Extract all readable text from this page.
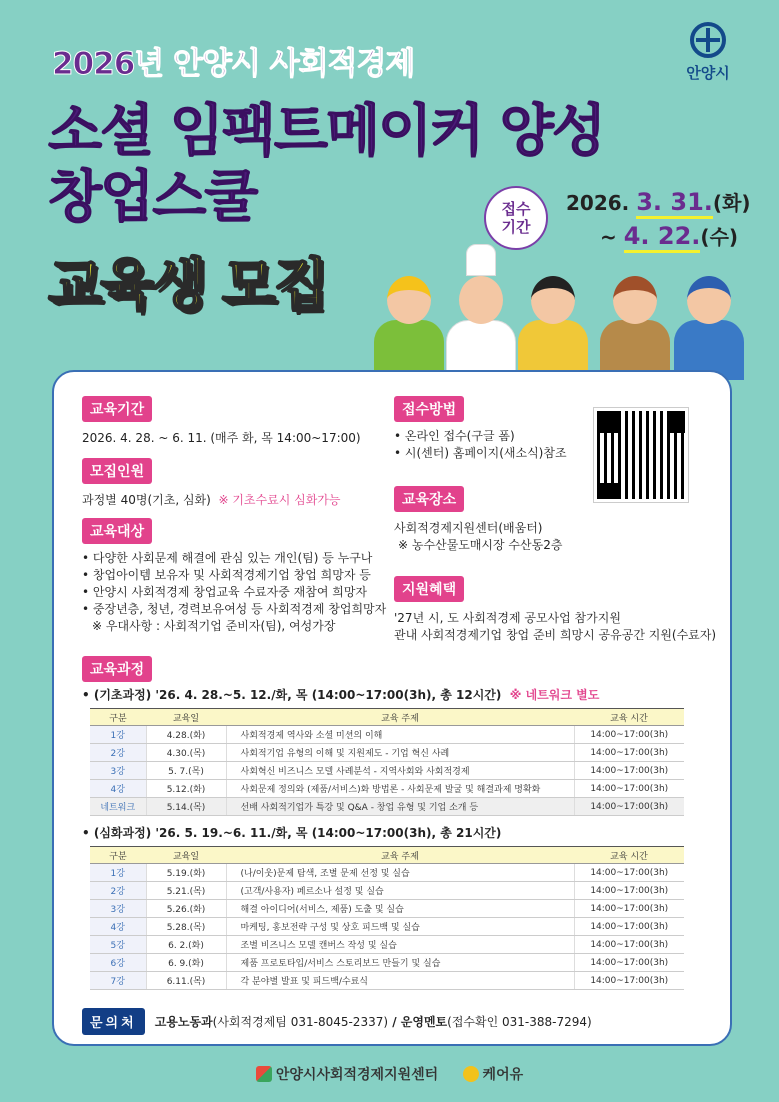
2026년 안양시 사회적경제
소셜 임팩트메이커 양성
창업스쿨
교육생 모집
안양시
접수 기간
2026. 3. 31.(화)
~ 4. 22.(수)
교육기간

2026. 4. 28. ~ 6. 11. (매주 화, 목 14:00~17:00)

모집인원

과정별 40명(기초, 심화) ※ 기초수료시 심화가능

교육대상
• 다양한 사회문제 해결에 관심 있는 개인(팀) 등 누구나
• 창업아이템 보유자 및 사회적경제기업 창업 희망자 등
• 안양시 사회적경제 창업교육 수료자중 재참여 희망자
• 중장년층, 청년, 경력보유여성 등 사회적경제 창업희망자

※ 우대사항 : 사회적기업 준비자(팀), 여성가장

접수방법
• 온라인 접수(구글 폼)
• 시(센터) 홈페이지(새소식)참조
교육장소

사회적경제지원센터(배움터)

※ 농수산물도매시장 수산동2층

지원혜택

'27년 시, 도 사회적경제 공모사업 참가지원

관내 사회적경제기업 창업 준비 희망시 공유공간 지원(수료자)

교육과정
• (기초과정) '26. 4. 28.~5. 12./화, 목 (14:00~17:00(3h), 총 12시간) ※ 네트워크 별도
구분	교육일	교육 주제	교육 시간
1강	4.28.(화)	사회적경제 역사와 소셜 미션의 이해	14:00~17:00(3h)
2강	4.30.(목)	사회적기업 유형의 이해 및 지원제도 - 기업 혁신 사례	14:00~17:00(3h)
3강	5. 7.(목)	사회혁신 비즈니스 모델 사례분석 - 지역사회와 사회적경제	14:00~17:00(3h)
4강	5.12.(화)	사회문제 정의와 (제품/서비스)화 방법론 - 사회문제 발굴 및 해결과제 명확화	14:00~17:00(3h)
네트워크	5.14.(목)	선배 사회적기업가 특강 및 Q&A - 창업 유형 및 기업 소개 등	14:00~17:00(3h)
• (심화과정) '26. 5. 19.~6. 11./화, 목 (14:00~17:00(3h), 총 21시간)
구분	교육일	교육 주제	교육 시간
1강	5.19.(화)	(나/이웃)문제 탐색, 조별 문제 선정 및 실습	14:00~17:00(3h)
2강	5.21.(목)	(고객/사용자) 페르소나 설정 및 실습	14:00~17:00(3h)
3강	5.26.(화)	해결 아이디어(서비스, 제품) 도출 및 실습	14:00~17:00(3h)
4강	5.28.(목)	마케팅, 홍보전략 구성 및 상호 피드백 및 실습	14:00~17:00(3h)
5강	6. 2.(화)	조별 비즈니스 모델 캔버스 작성 및 실습	14:00~17:00(3h)
6강	6. 9.(화)	제품 프로토타입/서비스 스토리보드 만들기 및 실습	14:00~17:00(3h)
7강	6.11.(목)	각 분야별 발표 및 피드백/수료식	14:00~17:00(3h)
문의처	고용노동과(사회적경제팀 031-8045-2337) / 운영멘토(접수확인 031-388-7294)
안양시사회적경제지원센터	케어유
